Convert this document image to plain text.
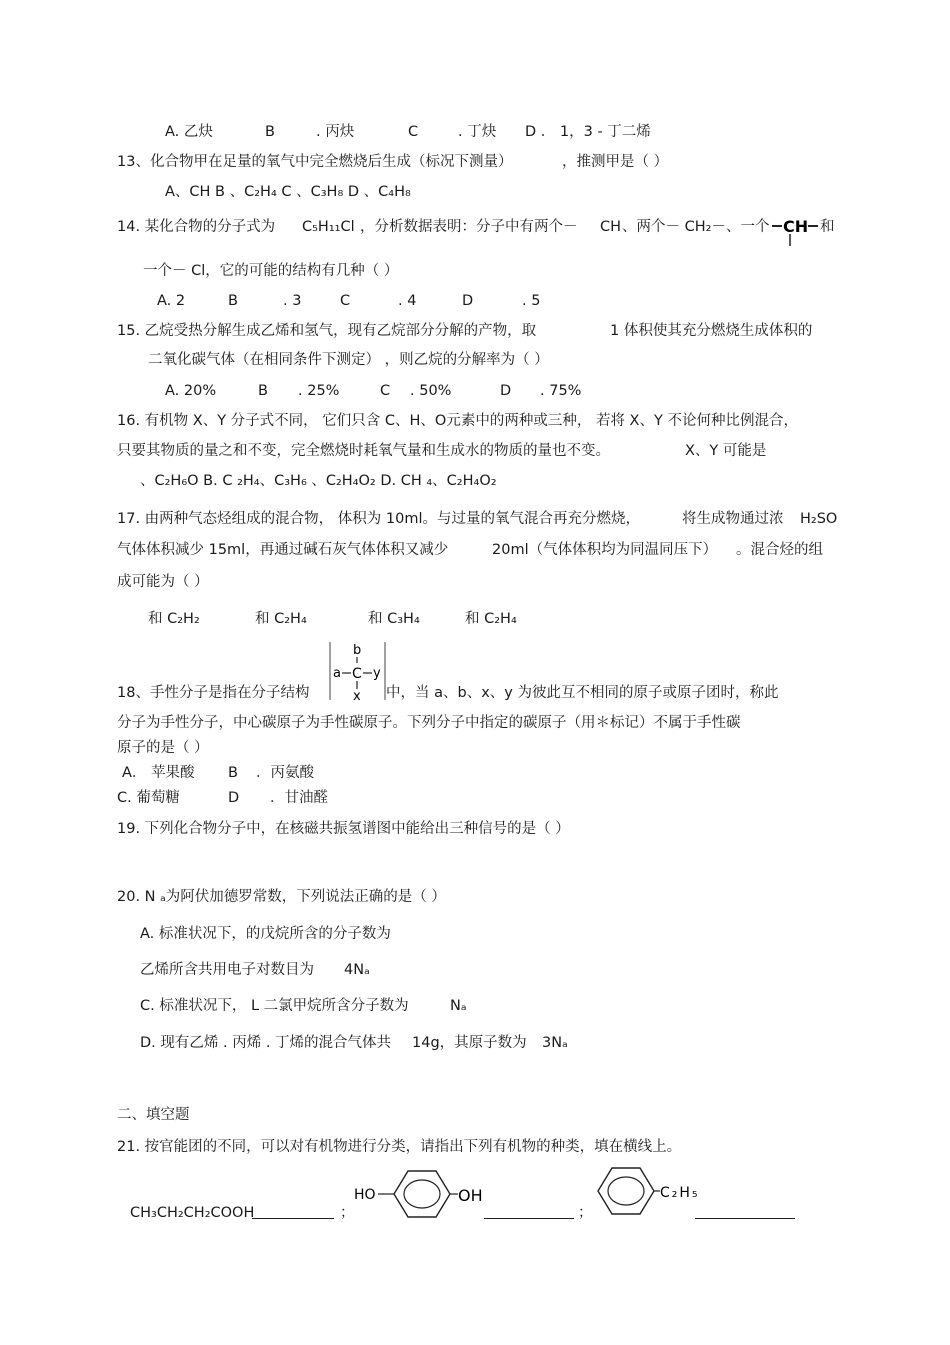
A. 乙炔	B	. 丙炔	C	. 丁炔 D ． 1，3 - 丁二烯
13、化合物甲在足量的氧气中完全燃烧后生成（标况下测量）	，推测甲是（ ）
A、CH B 、C₂H₄ C 、C₃H₈ D 、C₄H₈
14. 某化合物的分子式为 C₅H₁₁Cl ，分析数据表明：分子中有两个－ CH 、两个－ CH₂－、一个 CH 和
一个－ Cl，它的可能的结构有几种（ ）
A. 2	B	. 3	C	. 4	D	. 5
15. 乙烷受热分解生成乙烯和氢气，现有乙烷部分分解的产物，取	1 体积使其充分燃烧生成体积的
二氧化碳气体（在相同条件下测定） ，则乙烷的分解率为（ ）
A. 20%	B . 25%	C . 50%	D . 75%
16. 有机物 X、Y 分子式不同， 它们只含 C、H、O元素中的两种或三种， 若将 X、Y 不论何种比例混合，
只要其物质的量之和不变，完全燃烧时耗氧气量和生成水的物质的量也不变。	X、Y 可能是
、C₂H₆O B. C ₂H₄、C₃H₆ 、C₂H₄O₂ D. CH ₄、C₂H₄O₂
17. 由两种气态烃组成的混合物， 体积为 10ml。与过量的氧气混合再充分燃烧，	将生成物通过浓 H₂SO
气体体积减少 15ml，再通过碱石灰气体体积又减少	20ml（气体体积均为同温同压下） 。混合烃的组
成可能为（ ）
和 C₂H₂	和 C₂H₄	和 C₃H₄	和 C₂H₄
18、手性分子是指在分子结构
b
a C y
x 中，当 a、b、x、y 为彼此互不相同的原子或原子团时，称此
分子为手性分子，中心碳原子为手性碳原子。下列分子中指定的碳原子（用＊标记）不属于手性碳
原子的是（ ）
A． 苹果酸 B ．丙氨酸
C. 葡萄糖	D ．甘油醛
19. 下列化合物分子中，在核磁共振氢谱图中能给出三种信号的是（ ）
20. N ₐ为阿伏加德罗常数，下列说法正确的是（ ）
A. 标准状况下，的戊烷所含的分子数为
乙烯所含共用电子对数目为 4Nₐ
C. 标准状况下， L 二氯甲烷所含分子数为	Nₐ
D. 现有乙烯 . 丙烯 . 丁烯的混合气体共 14g，其原子数为 3Nₐ
二、填空题
21. 按官能团的不同，可以对有机物进行分类，请指出下列有机物的种类，填在横线上。
CH₃CH₂CH₂COOH	；
HO	OH
；
C₂H₅
